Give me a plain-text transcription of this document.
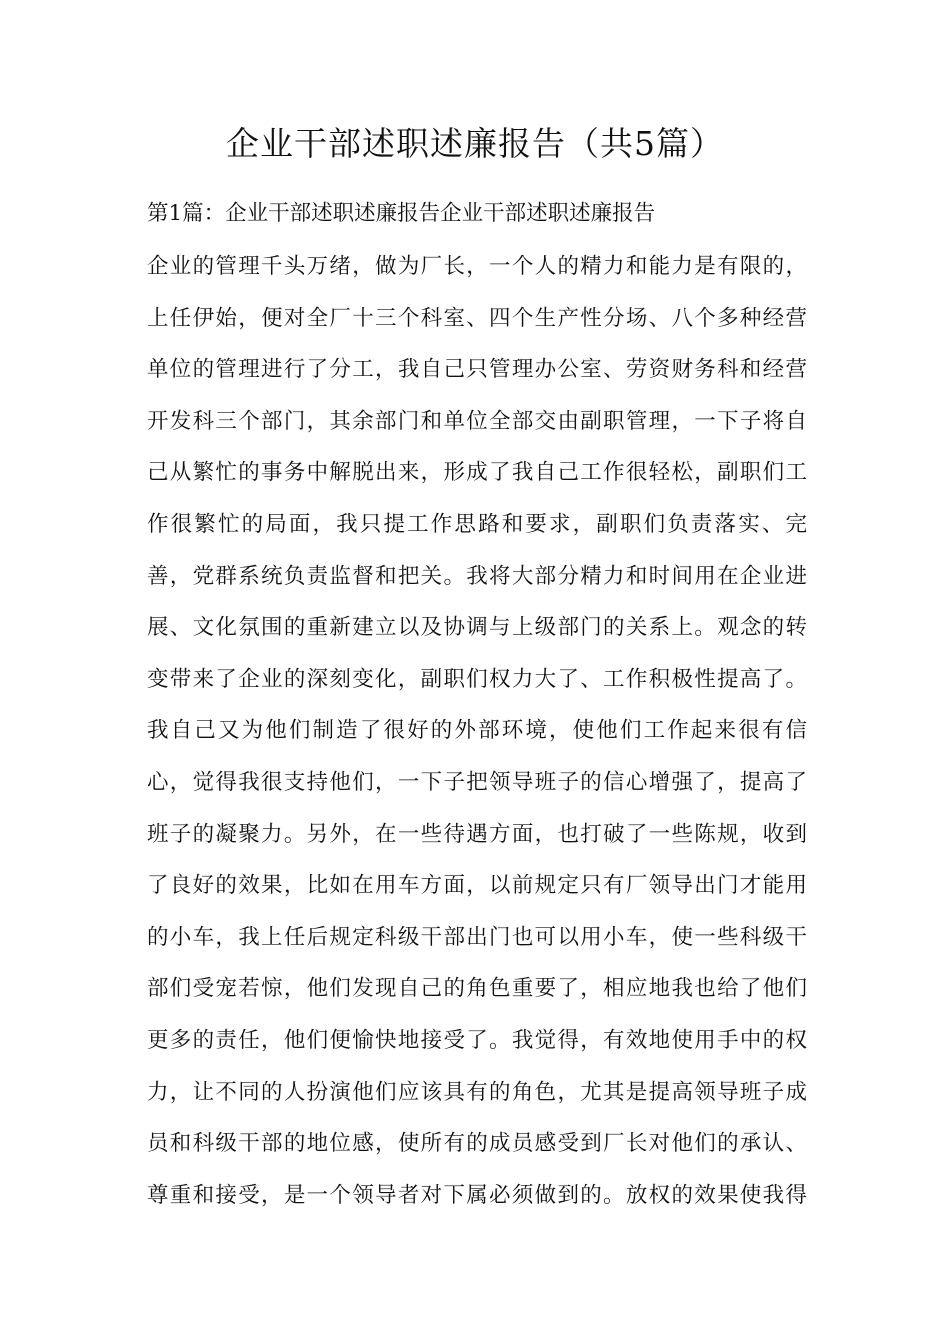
企业干部述职述廉报告（共5篇）
第1篇：企业干部述职述廉报告企业干部述职述廉报告
企业的管理千头万绪，做为厂长，一个人的精力和能力是有限的，
上任伊始，便对全厂十三个科室、四个生产性分场、八个多种经营
单位的管理进行了分工，我自己只管理办公室、劳资财务科和经营
开发科三个部门，其余部门和单位全部交由副职管理，一下子将自
己从繁忙的事务中解脱出来，形成了我自己工作很轻松，副职们工
作很繁忙的局面，我只提工作思路和要求，副职们负责落实、完
善，党群系统负责监督和把关。我将大部分精力和时间用在企业进
展、文化氛围的重新建立以及协调与上级部门的关系上。观念的转
变带来了企业的深刻变化，副职们权力大了、工作积极性提高了。
我自己又为他们制造了很好的外部环境，使他们工作起来很有信
心，觉得我很支持他们，一下子把领导班子的信心增强了，提高了
班子的凝聚力。另外，在一些待遇方面，也打破了一些陈规，收到
了良好的效果，比如在用车方面，以前规定只有厂领导出门才能用
的小车，我上任后规定科级干部出门也可以用小车，使一些科级干
部们受宠若惊，他们发现自己的角色重要了，相应地我也给了他们
更多的责任，他们便愉快地接受了。我觉得，有效地使用手中的权
力，让不同的人扮演他们应该具有的角色，尤其是提高领导班子成
员和科级干部的地位感，使所有的成员感受到厂长对他们的承认、
尊重和接受，是一个领导者对下属必须做到的。放权的效果使我得
